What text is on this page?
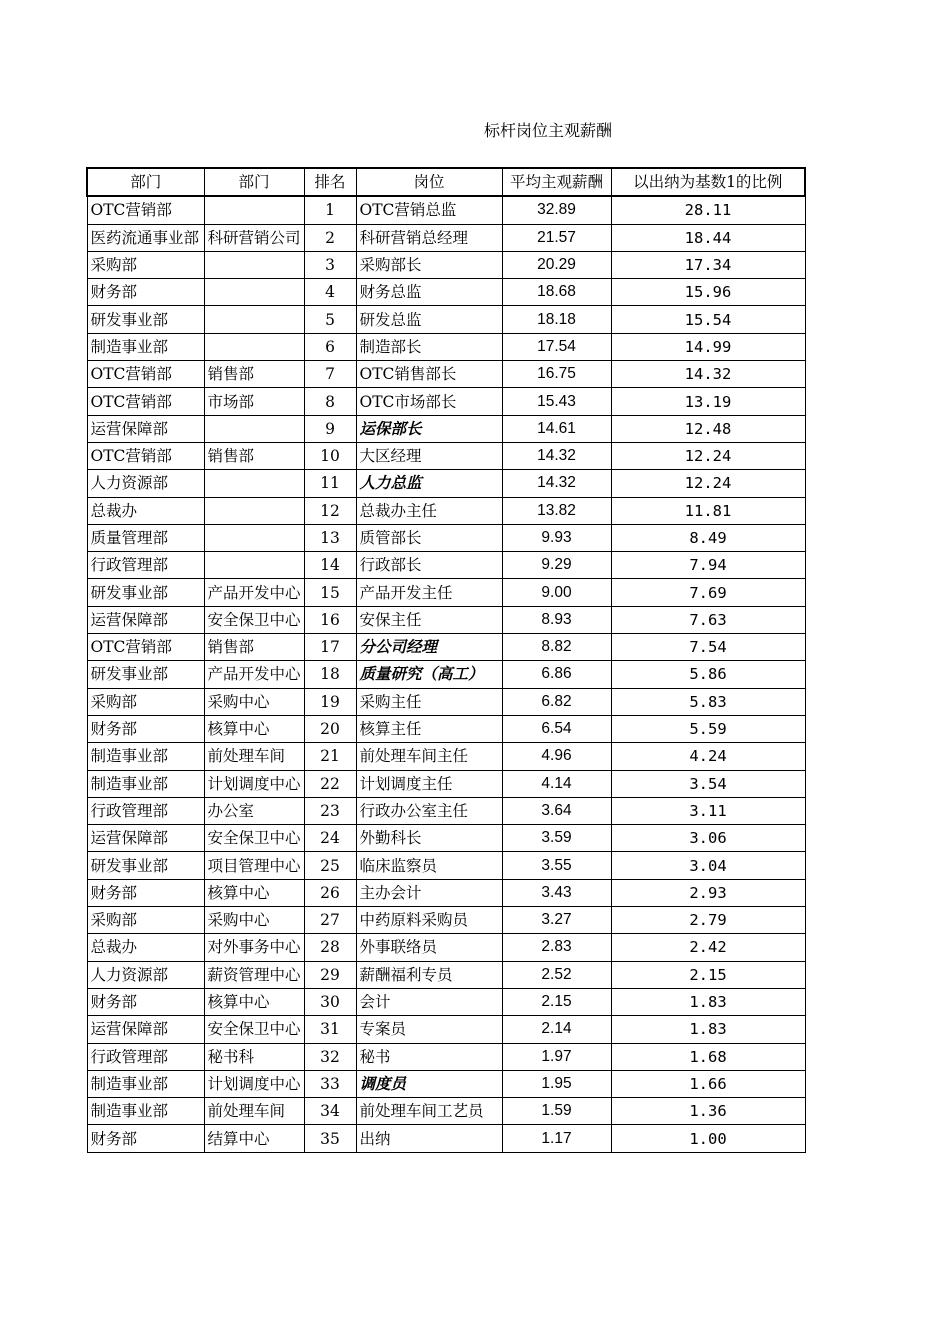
标杆岗位主观薪酬
部门	部门	排名	岗位	平均主观薪酬	以出纳为基数1的比例
OTC营销部		1	OTC营销总监	32.89	28.11
医药流通事业部	科研营销公司	2	科研营销总经理	21.57	18.44
采购部		3	采购部长	20.29	17.34
财务部		4	财务总监	18.68	15.96
研发事业部		5	研发总监	18.18	15.54
制造事业部		6	制造部长	17.54	14.99
OTC营销部	销售部	7	OTC销售部长	16.75	14.32
OTC营销部	市场部	8	OTC市场部长	15.43	13.19
运营保障部		9	运保部长	14.61	12.48
OTC营销部	销售部	10	大区经理	14.32	12.24
人力资源部		11	人力总监	14.32	12.24
总裁办		12	总裁办主任	13.82	11.81
质量管理部		13	质管部长	9.93	8.49
行政管理部		14	行政部长	9.29	7.94
研发事业部	产品开发中心	15	产品开发主任	9.00	7.69
运营保障部	安全保卫中心	16	安保主任	8.93	7.63
OTC营销部	销售部	17	分公司经理	8.82	7.54
研发事业部	产品开发中心	18	质量研究（高工）	6.86	5.86
采购部	采购中心	19	采购主任	6.82	5.83
财务部	核算中心	20	核算主任	6.54	5.59
制造事业部	前处理车间	21	前处理车间主任	4.96	4.24
制造事业部	计划调度中心	22	计划调度主任	4.14	3.54
行政管理部	办公室	23	行政办公室主任	3.64	3.11
运营保障部	安全保卫中心	24	外勤科长	3.59	3.06
研发事业部	项目管理中心	25	临床监察员	3.55	3.04
财务部	核算中心	26	主办会计	3.43	2.93
采购部	采购中心	27	中药原料采购员	3.27	2.79
总裁办	对外事务中心	28	外事联络员	2.83	2.42
人力资源部	薪资管理中心	29	薪酬福利专员	2.52	2.15
财务部	核算中心	30	会计	2.15	1.83
运营保障部	安全保卫中心	31	专案员	2.14	1.83
行政管理部	秘书科	32	秘书	1.97	1.68
制造事业部	计划调度中心	33	调度员	1.95	1.66
制造事业部	前处理车间	34	前处理车间工艺员	1.59	1.36
财务部	结算中心	35	出纳	1.17	1.00
